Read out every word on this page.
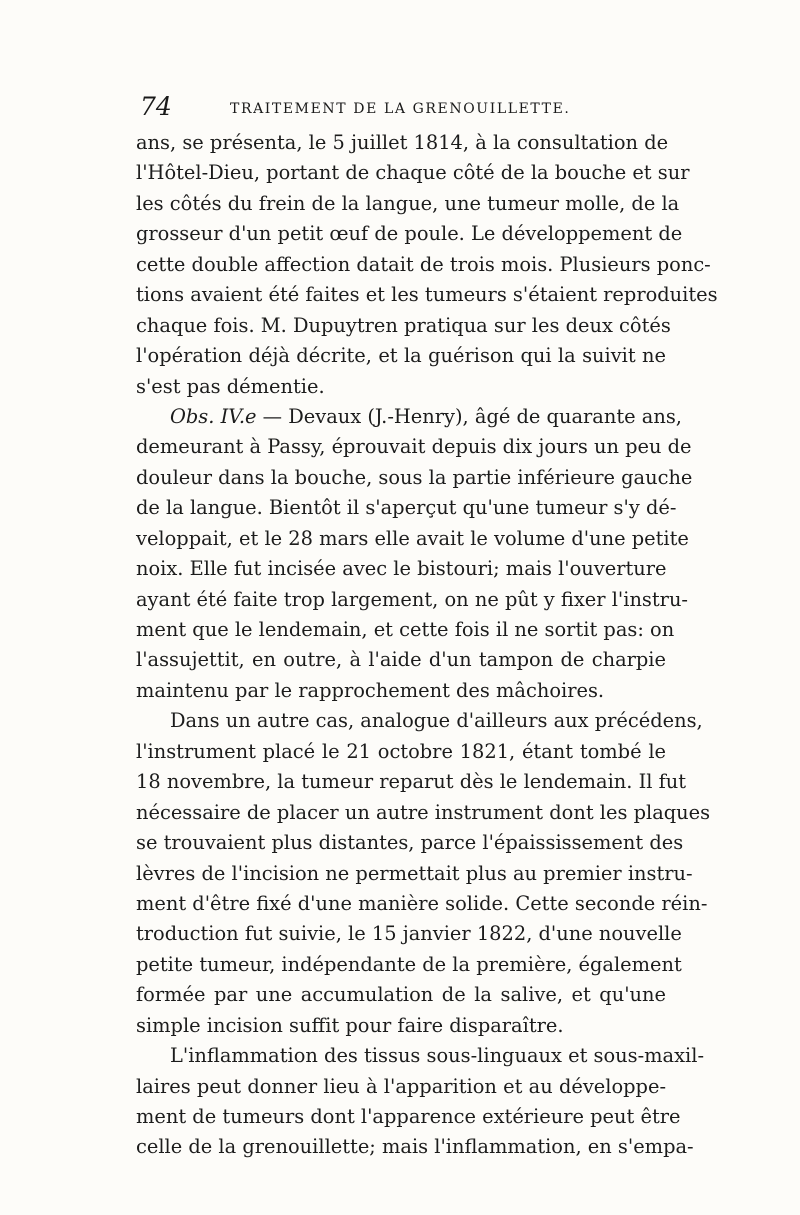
74	TRAITEMENT DE LA GRENOUILLETTE.
ans, se présenta, le 5 juillet 1814, à la consultation de
l'Hôtel-Dieu, portant de chaque côté de la bouche et sur
les côtés du frein de la langue, une tumeur molle, de la
grosseur d'un petit œuf de poule. Le développement de
cette double affection datait de trois mois. Plusieurs ponc-
tions avaient été faites et les tumeurs s'étaient reproduites
chaque fois. M. Dupuytren pratiqua sur les deux côtés
l'opération déjà décrite, et la guérison qui la suivit ne
s'est pas démentie.
Obs. IV.e — Devaux (J.-Henry), âgé de quarante ans,
demeurant à Passy, éprouvait depuis dix jours un peu de
douleur dans la bouche, sous la partie inférieure gauche
de la langue. Bientôt il s'aperçut qu'une tumeur s'y dé-
veloppait, et le 28 mars elle avait le volume d'une petite
noix. Elle fut incisée avec le bistouri; mais l'ouverture
ayant été faite trop largement, on ne pût y fixer l'instru-
ment que le lendemain, et cette fois il ne sortit pas: on
l'assujettit, en outre, à l'aide d'un tampon de charpie
maintenu par le rapprochement des mâchoires.
Dans un autre cas, analogue d'ailleurs aux précédens,
l'instrument placé le 21 octobre 1821, étant tombé le
18 novembre, la tumeur reparut dès le lendemain. Il fut
nécessaire de placer un autre instrument dont les plaques
se trouvaient plus distantes, parce l'épaississement des
lèvres de l'incision ne permettait plus au premier instru-
ment d'être fixé d'une manière solide. Cette seconde réin-
troduction fut suivie, le 15 janvier 1822, d'une nouvelle
petite tumeur, indépendante de la première, également
formée par une accumulation de la salive, et qu'une
simple incision suffit pour faire disparaître.
L'inflammation des tissus sous-linguaux et sous-maxil-
laires peut donner lieu à l'apparition et au développe-
ment de tumeurs dont l'apparence extérieure peut être
celle de la grenouillette; mais l'inflammation, en s'empa-
